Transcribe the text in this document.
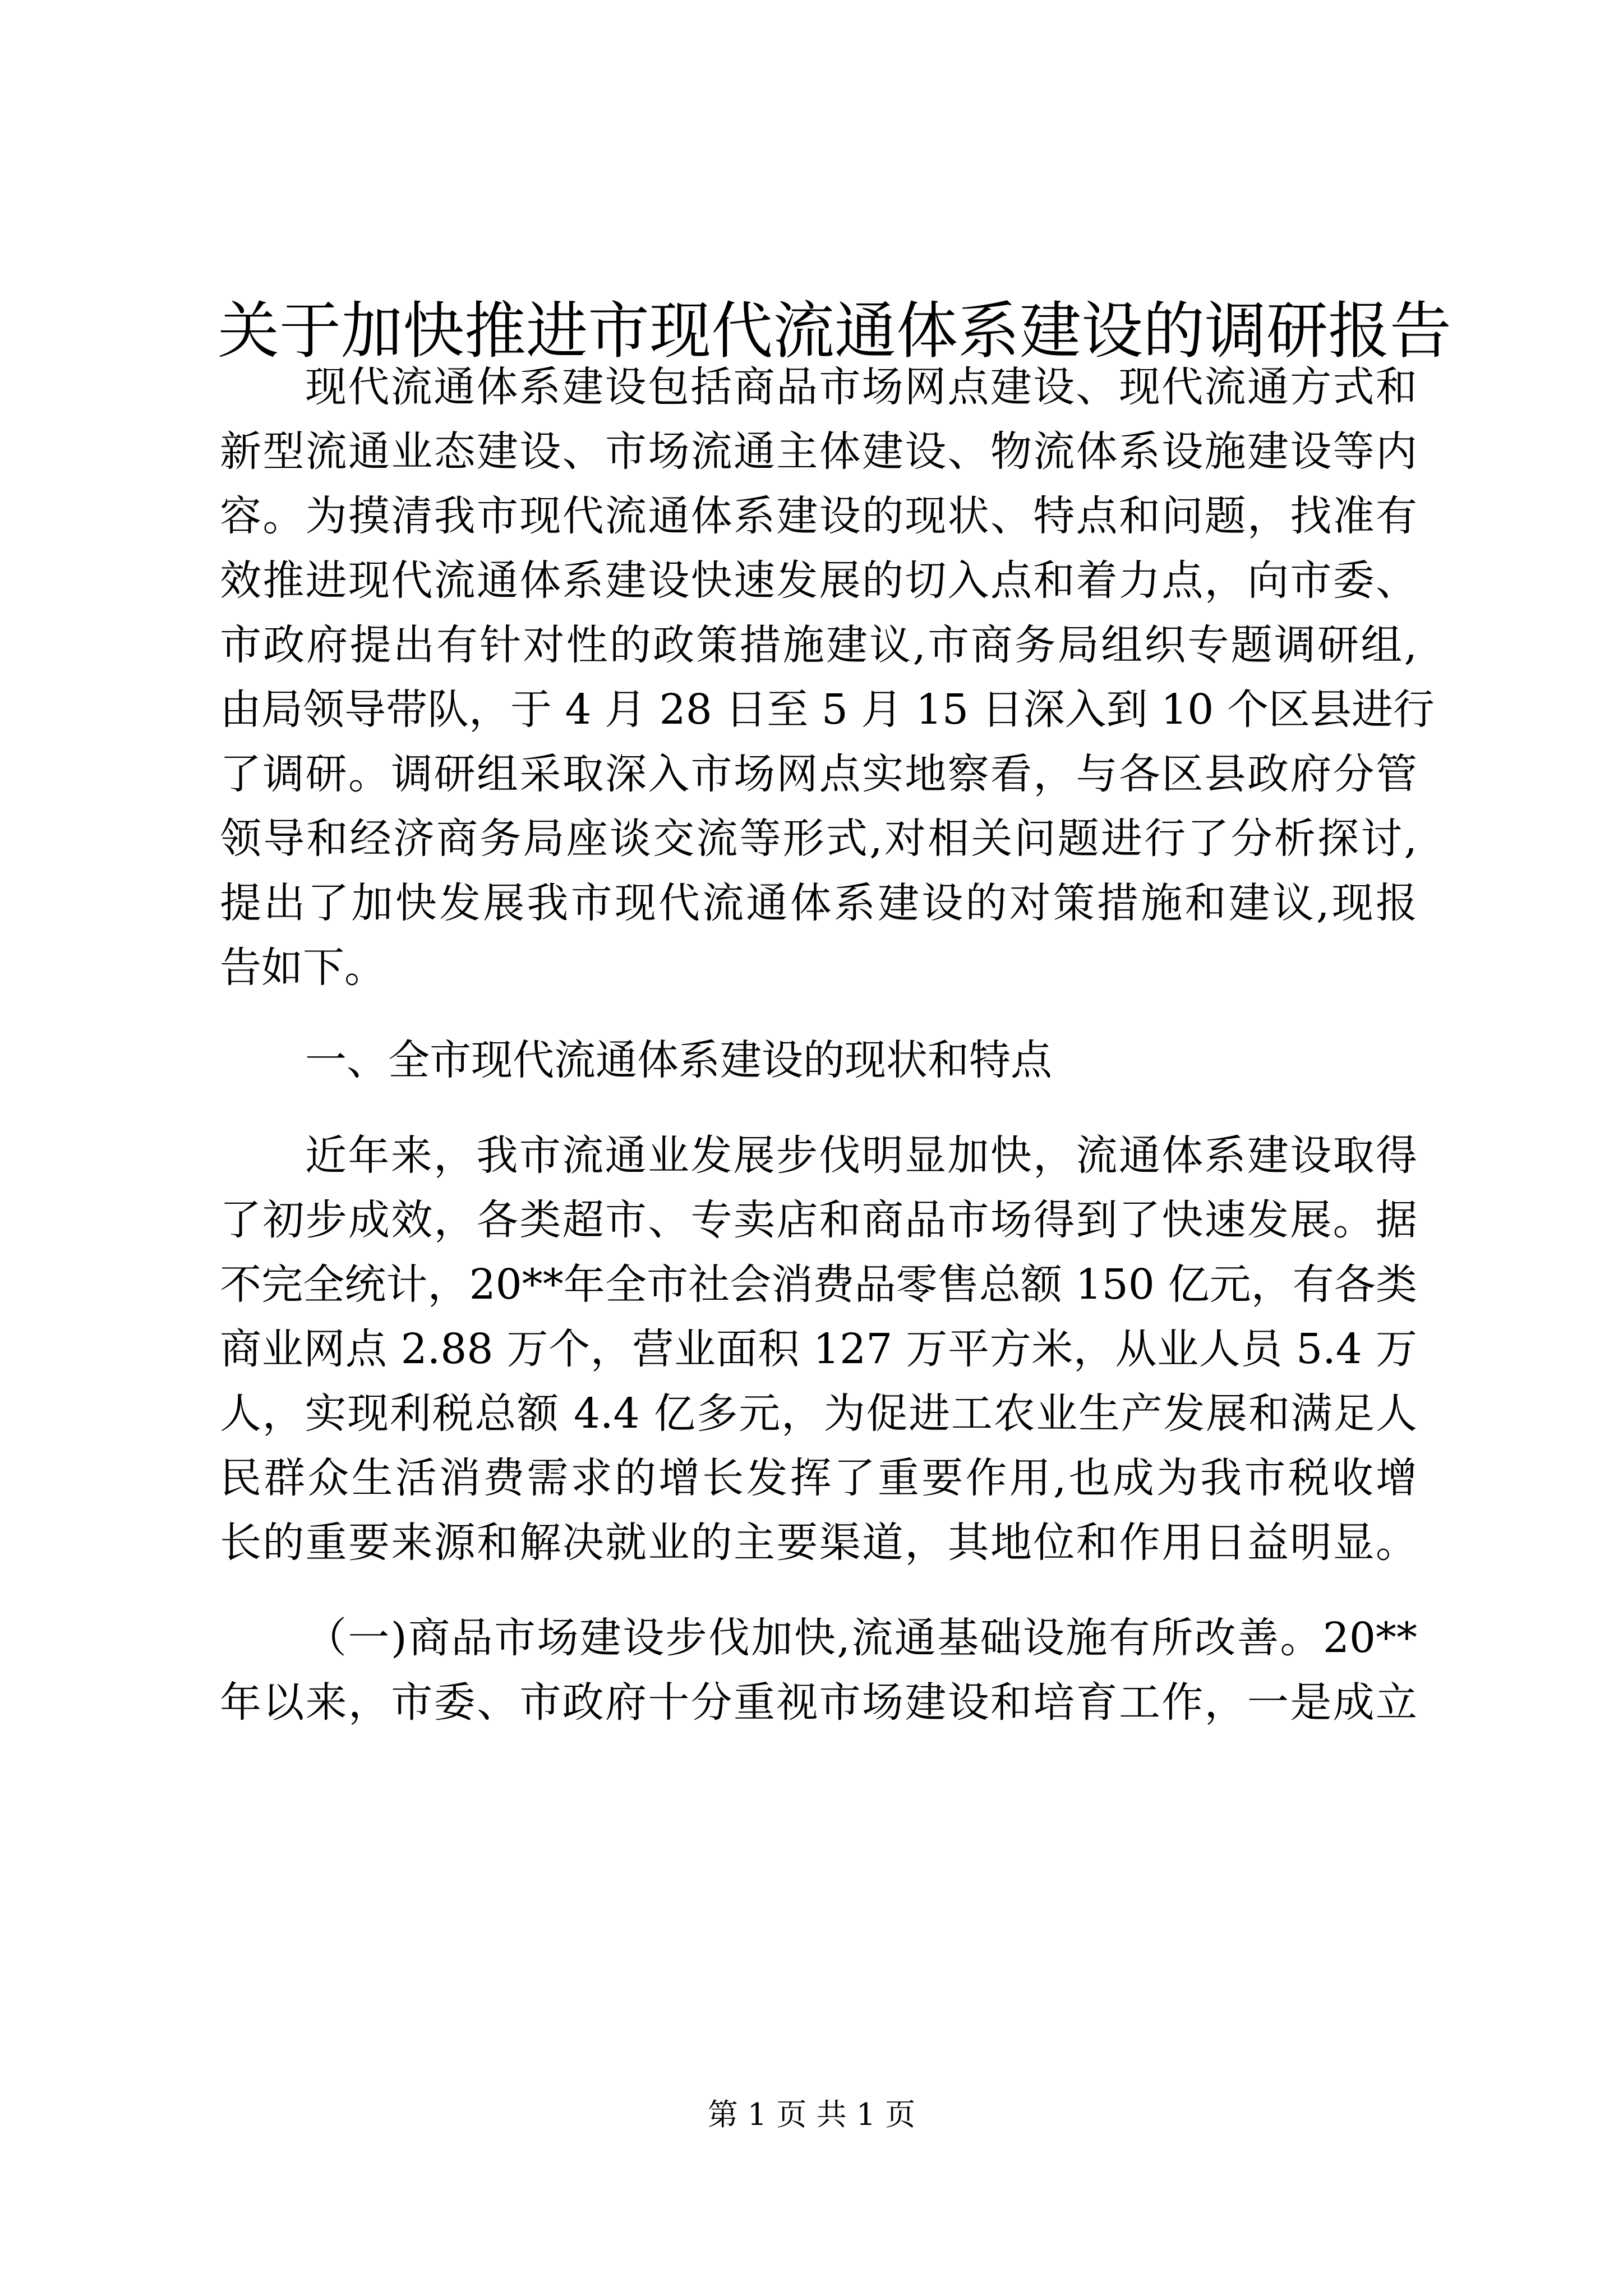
关于加快推进市现代流通体系建设的调研报告
现代流通体系建设包括商品市场网点建设、现代流通方式和
新型流通业态建设、市场流通主体建设、物流体系设施建设等内
容。为摸清我市现代流通体系建设的现状、特点和问题，找准有
效推进现代流通体系建设快速发展的切入点和着力点，向市委、
市政府提出有针对性的政策措施建议,市商务局组织专题调研组,
由局领导带队，于 4 月 28 日至 5 月 15 日深入到 10 个区县进行
了调研。调研组采取深入市场网点实地察看，与各区县政府分管
领导和经济商务局座谈交流等形式,对相关问题进行了分析探讨,
提出了加快发展我市现代流通体系建设的对策措施和建议,现报
告如下。
一、全市现代流通体系建设的现状和特点
近年来，我市流通业发展步伐明显加快，流通体系建设取得
了初步成效，各类超市、专卖店和商品市场得到了快速发展。据
不完全统计，20**年全市社会消费品零售总额 150 亿元，有各类
商业网点 2.88 万个，营业面积 127 万平方米，从业人员 5.4 万
人，实现利税总额 4.4 亿多元，为促进工农业生产发展和满足人
民群众生活消费需求的增长发挥了重要作用,也成为我市税收增
长的重要来源和解决就业的主要渠道，其地位和作用日益明显。
（一)商品市场建设步伐加快,流通基础设施有所改善。20**
年以来，市委、市政府十分重视市场建设和培育工作，一是成立
第 1 页 共 1 页
